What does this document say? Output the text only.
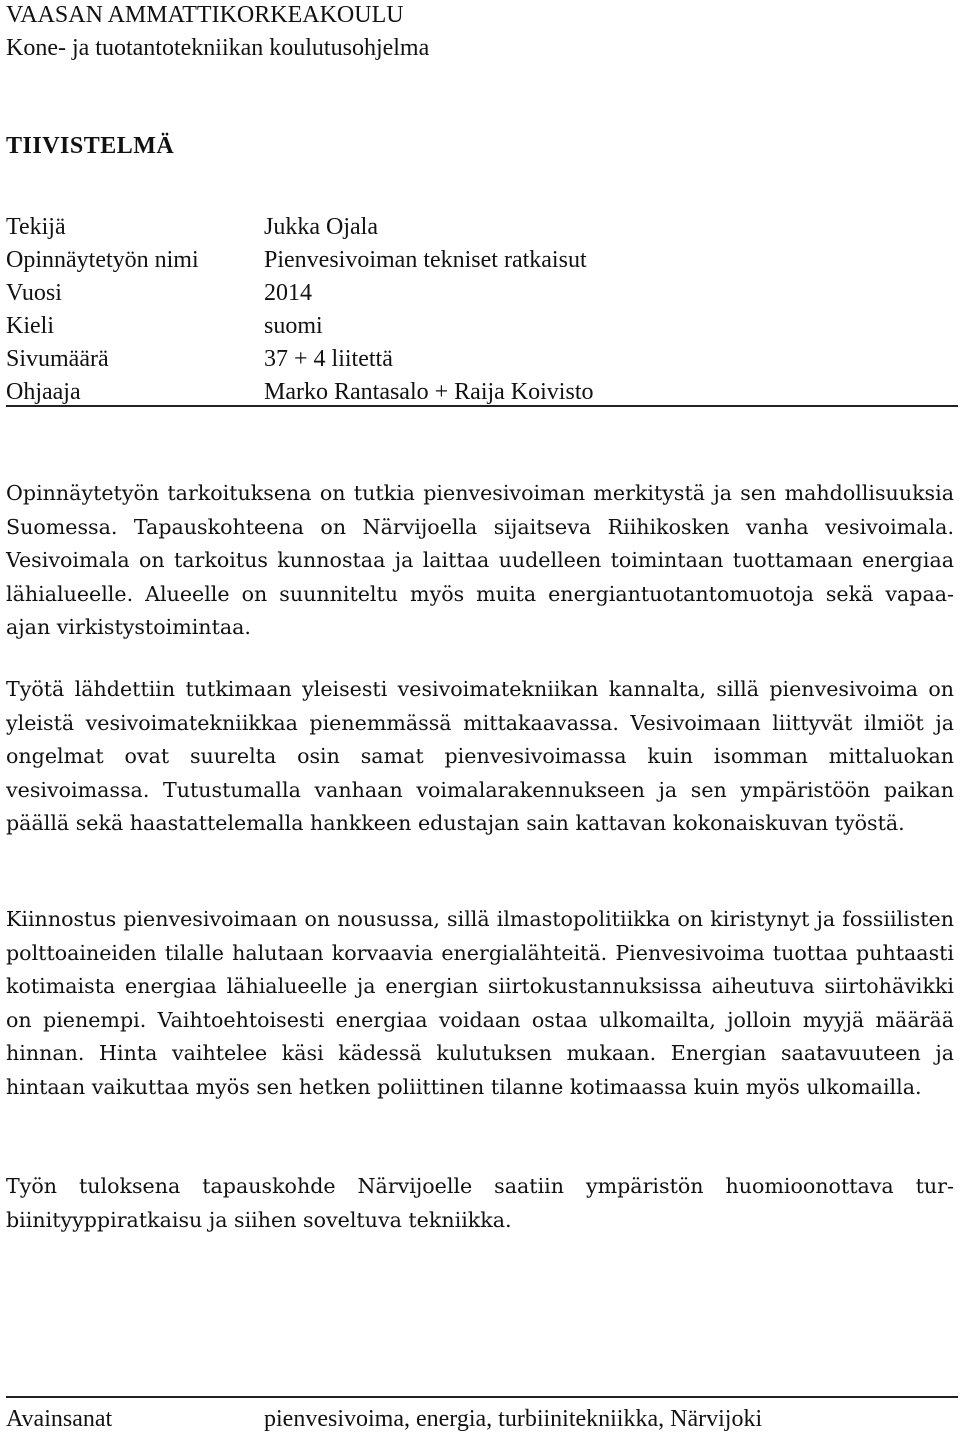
VAASAN AMMATTIKORKEAKOULU
Kone- ja tuotantotekniikan koulutusohjelma
TIIVISTELMÄ
Tekijä	Jukka Ojala
Opinnäytetyön nimi	Pienvesivoiman tekniset ratkaisut
Vuosi	2014
Kieli	suomi
Sivumäärä	37 + 4 liitettä
Ohjaaja	Marko Rantasalo + Raija Koivisto

Opinnäytetyön tarkoituksena on tutkia pienvesivoiman merkitystä ja sen mahdollisuuksia Suomessa. Tapauskohteena on Närvijoella sijaitseva Riihikosken vanha vesivoimala. Vesivoimala on tarkoitus kunnostaa ja laittaa uudelleen toimintaan tuottamaan energiaa lähialueelle. Alueelle on suunniteltu myös muita energiantuotantomuotoja sekä vapaa-ajan virkistystoimintaa.

Työtä lähdettiin tutkimaan yleisesti vesivoimatekniikan kannalta, sillä pienvesivoima on yleistä vesivoimatekniikkaa pienemmässä mittakaavassa. Vesivoimaan liittyvät ilmiöt ja ongelmat ovat suurelta osin samat pienvesivoimassa kuin isomman mittaluokan vesivoimassa. Tutustumalla vanhaan voimalarakennukseen ja sen ympäristöön paikan päällä sekä haastattelemalla hankkeen edustajan sain kattavan kokonaiskuvan työstä.

Kiinnostus pienvesivoimaan on nousussa, sillä ilmastopolitiikka on kiristynyt ja fossiilisten polttoaineiden tilalle halutaan korvaavia energialähteitä. Pienvesivoima tuottaa puhtaasti kotimaista energiaa lähialueelle ja energian siirtokustannuksissa aiheutuva siirtohävikki on pienempi. Vaihtoehtoisesti energiaa voidaan ostaa ulkomailta, jolloin myyjä määrää hinnan. Hinta vaihtelee käsi kädessä kulutuksen mukaan. Energian saatavuuteen ja hintaan vaikuttaa myös sen hetken poliittinen tilanne kotimaassa kuin myös ulkomailla.

Työn tuloksena tapauskohde Närvijoelle saatiin ympäristön huomioonottava turbiinityyppiratkaisu ja siihen soveltuva tekniikka.

Avainsanat	pienvesivoima, energia, turbiinitekniikka, Närvijoki
